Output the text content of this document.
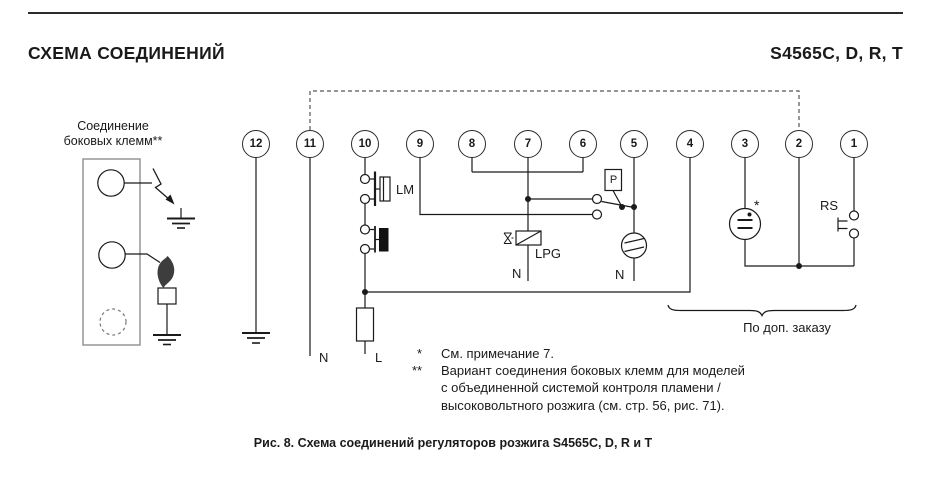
СХЕМА СОЕДИНЕНИЙ	S4565C, D, R, T
12	11	10	9	8	7	6	5	4	3	2	1
Соединение
боковых клемм**
LM
LPG
P
RS
N	N
N	L
*
По доп. заказу
* См. примечание 7.
** Вариант соединения боковых клемм для моделей
с объединенной системой контроля пламени /
высоковольтного розжига (см. стр. 56, рис. 71).
Рис. 8. Схема соединений регуляторов розжига S4565C, D, R и Т
